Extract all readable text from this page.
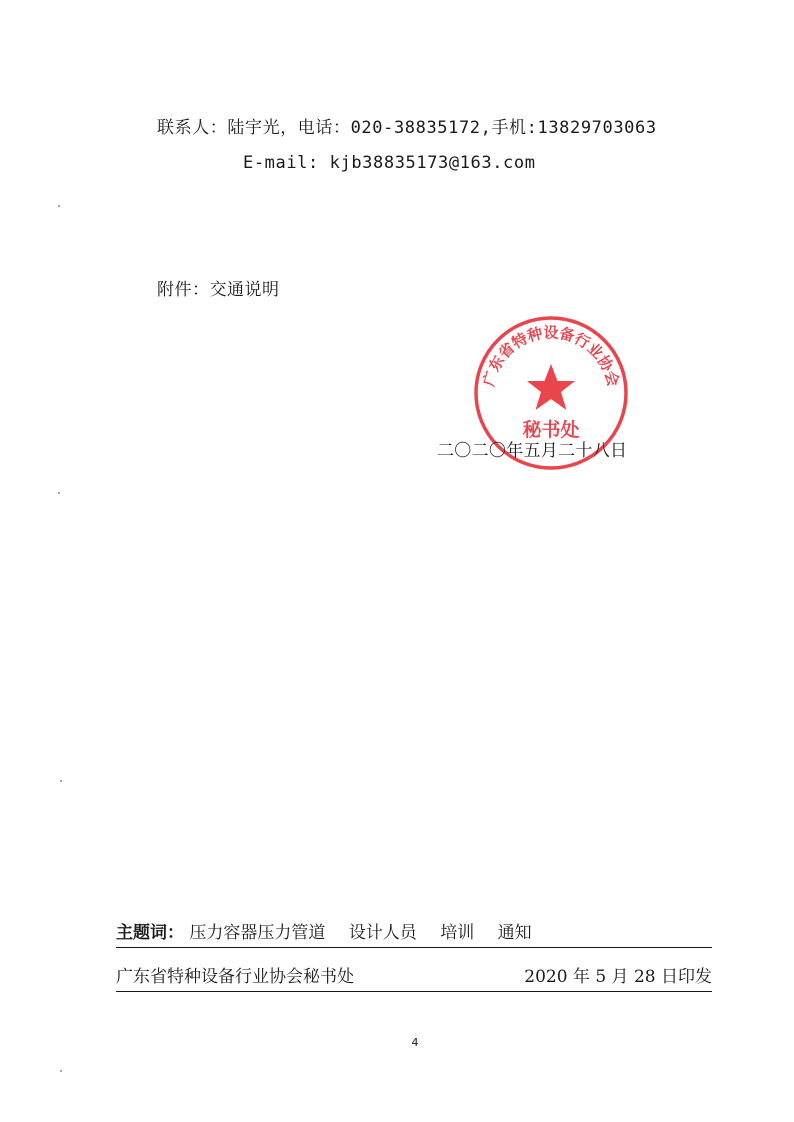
联系人：陆宇光，电话：020-38835172,手机:13829703063
E-mail: kjb38835173@163.com
附件：交通说明
广东省特种设备行业协会
秘书处
二〇二〇年五月二十八日
主题词： 压力容器压力管道 设计人员 培训 通知
广东省特种设备行业协会秘书处	2020 年 5 月 28 日印发
4
